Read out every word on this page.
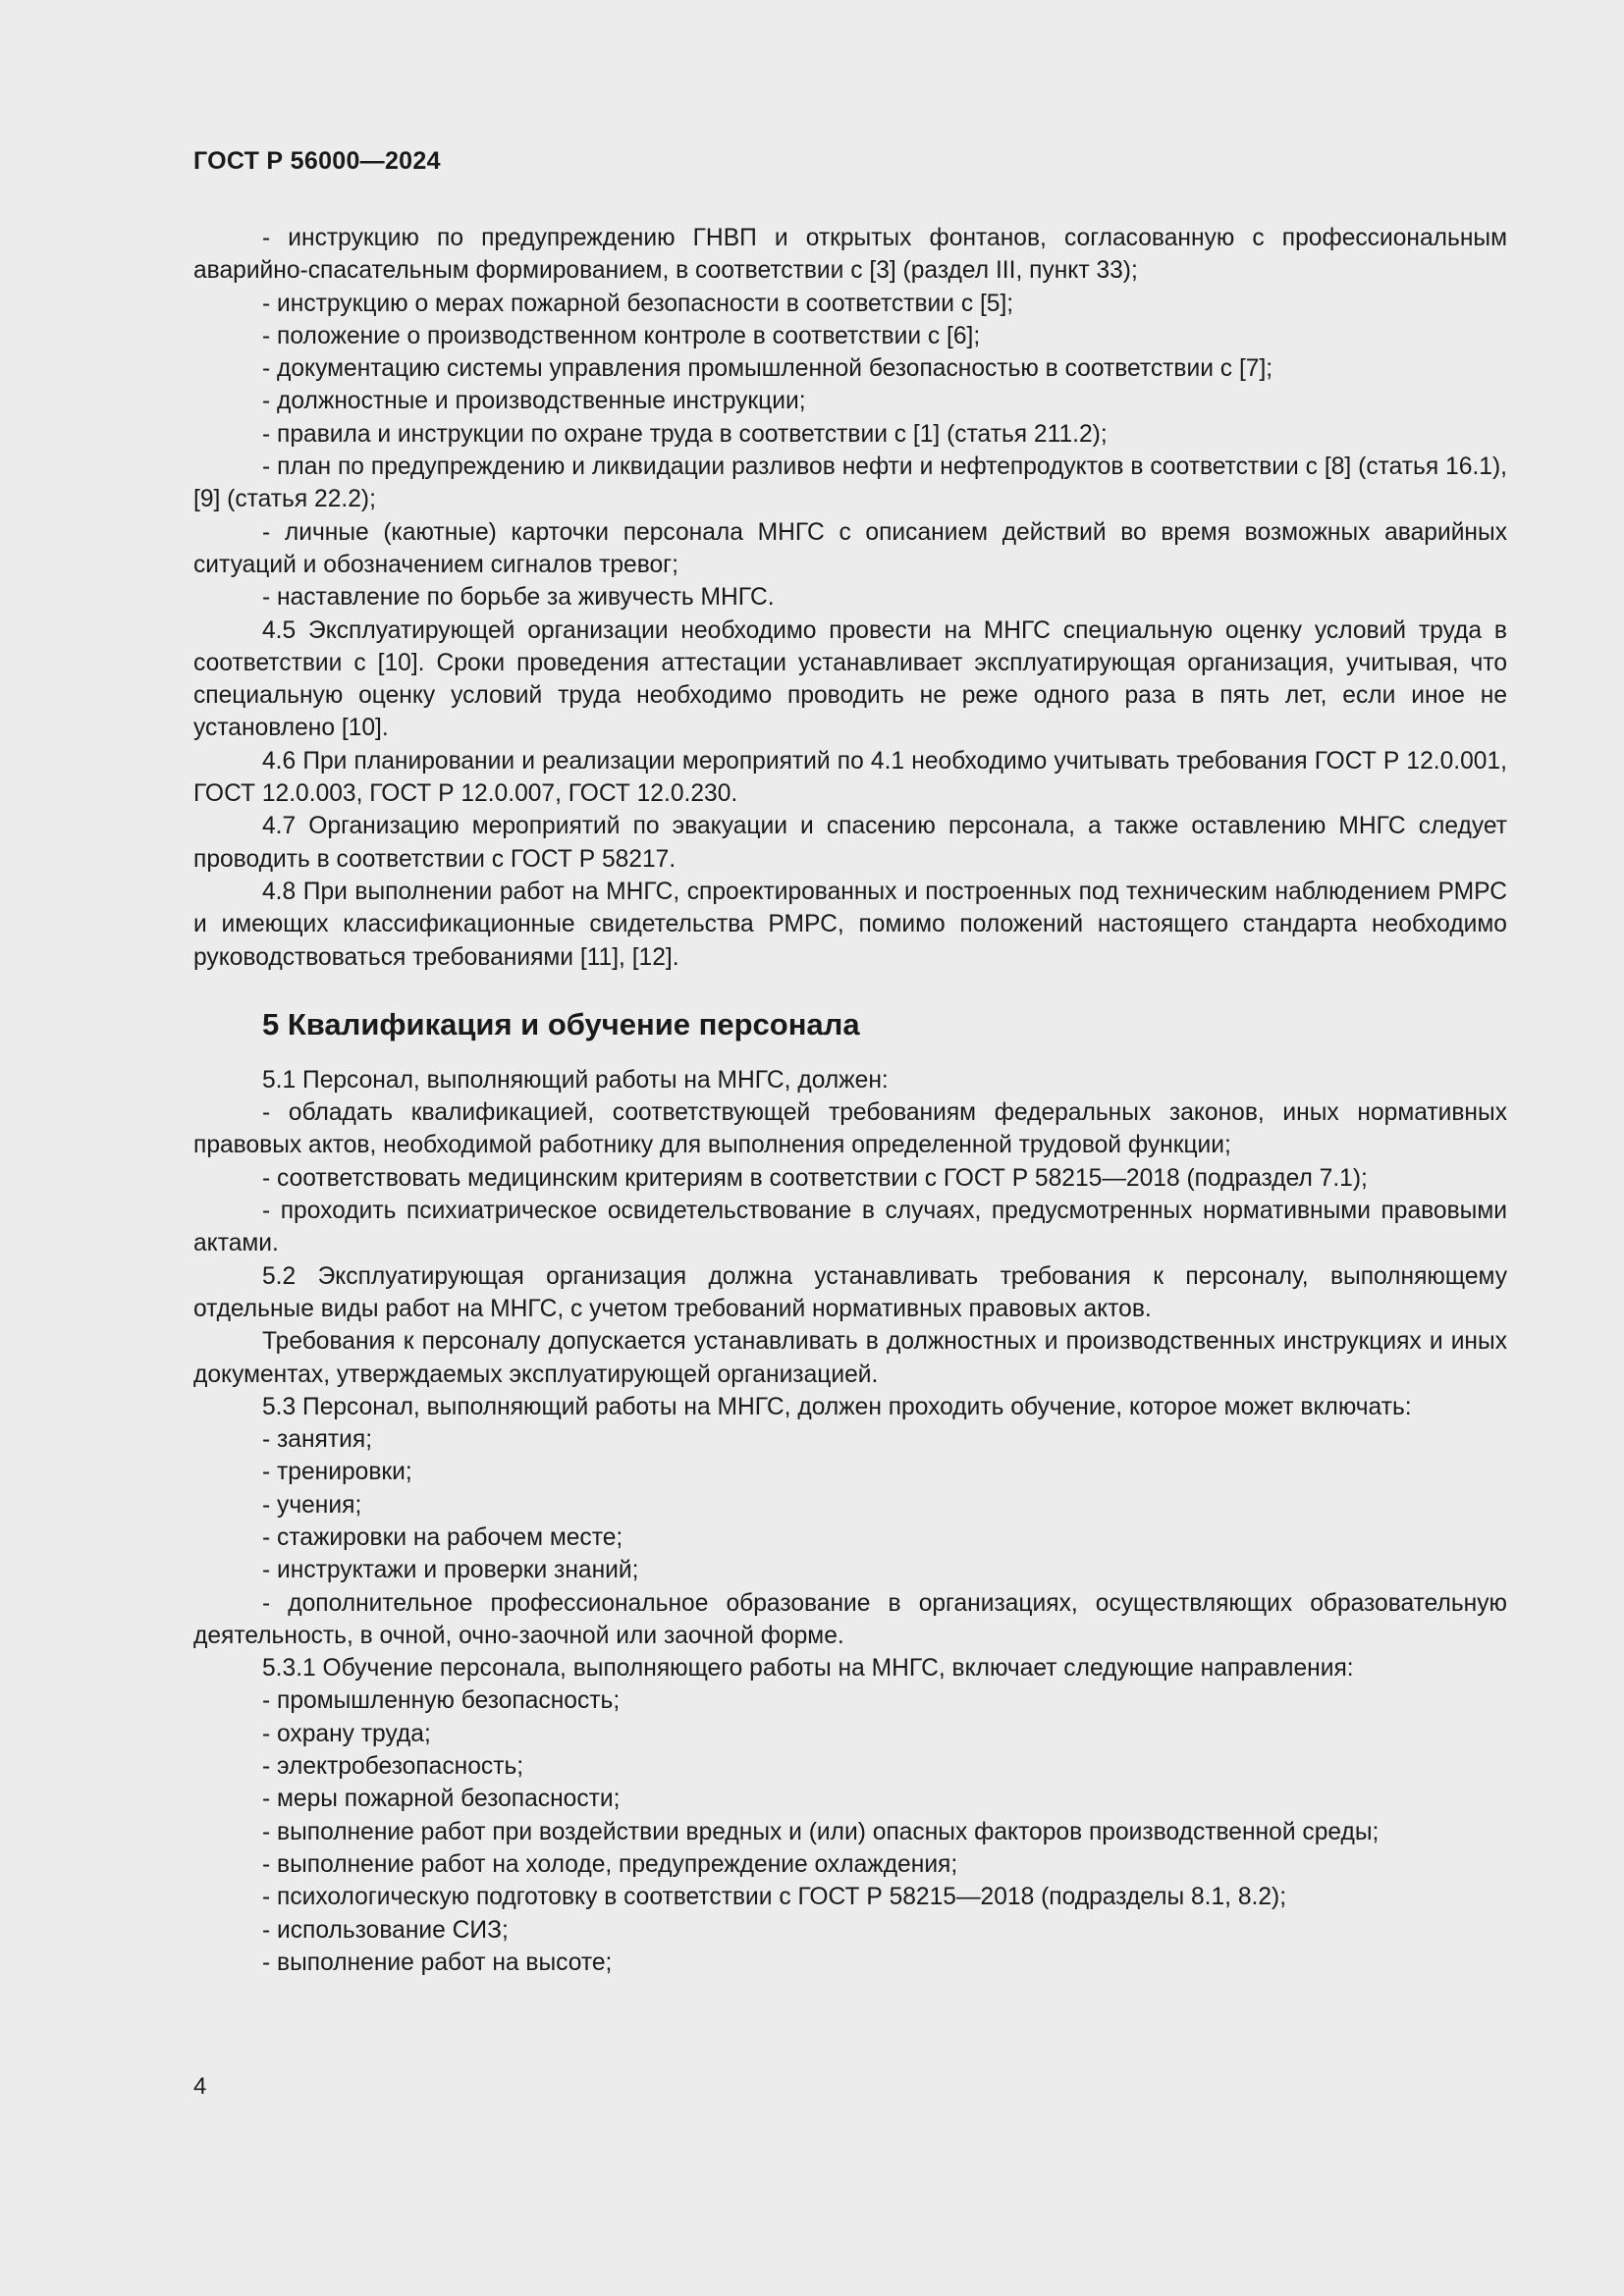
ГОСТ Р 56000—2024

- инструкцию по предупреждению ГНВП и открытых фонтанов, согласованную с профессиональным аварийно-спасательным формированием, в соответствии с [3] (раздел III, пункт 33);

- инструкцию о мерах пожарной безопасности в соответствии с [5];

- положение о производственном контроле в соответствии с [6];

- документацию системы управления промышленной безопасностью в соответствии с [7];

- должностные и производственные инструкции;

- правила и инструкции по охране труда в соответствии с [1] (статья 211.2);

- план по предупреждению и ликвидации разливов нефти и нефтепродуктов в соответствии с [8] (статья 16.1), [9] (статья 22.2);

- личные (каютные) карточки персонала МНГС с описанием действий во время возможных аварийных ситуаций и обозначением сигналов тревог;

- наставление по борьбе за живучесть МНГС.

4.5 Эксплуатирующей организации необходимо провести на МНГС специальную оценку условий труда в соответствии с [10]. Сроки проведения аттестации устанавливает эксплуатирующая организация, учитывая, что специальную оценку условий труда необходимо проводить не реже одного раза в пять лет, если иное не установлено [10].

4.6 При планировании и реализации мероприятий по 4.1 необходимо учитывать требования ГОСТ Р 12.0.001, ГОСТ 12.0.003, ГОСТ Р 12.0.007, ГОСТ 12.0.230.

4.7 Организацию мероприятий по эвакуации и спасению персонала, а также оставлению МНГС следует проводить в соответствии с ГОСТ Р 58217.

4.8 При выполнении работ на МНГС, спроектированных и построенных под техническим наблюдением РМРС и имеющих классификационные свидетельства РМРС, помимо положений настоящего стандарта необходимо руководствоваться требованиями [11], [12].

5 Квалификация и обучение персонала

5.1 Персонал, выполняющий работы на МНГС, должен:

- обладать квалификацией, соответствующей требованиям федеральных законов, иных нормативных правовых актов, необходимой работнику для выполнения определенной трудовой функции;

- соответствовать медицинским критериям в соответствии с ГОСТ Р 58215—2018 (подраздел 7.1);

- проходить психиатрическое освидетельствование в случаях, предусмотренных нормативными правовыми актами.

5.2 Эксплуатирующая организация должна устанавливать требования к персоналу, выполняющему отдельные виды работ на МНГС, с учетом требований нормативных правовых актов.

Требования к персоналу допускается устанавливать в должностных и производственных инструкциях и иных документах, утверждаемых эксплуатирующей организацией.

5.3 Персонал, выполняющий работы на МНГС, должен проходить обучение, которое может включать:

- занятия;

- тренировки;

- учения;

- стажировки на рабочем месте;

- инструктажи и проверки знаний;

- дополнительное профессиональное образование в организациях, осуществляющих образовательную деятельность, в очной, очно-заочной или заочной форме.

5.3.1 Обучение персонала, выполняющего работы на МНГС, включает следующие направления:

- промышленную безопасность;

- охрану труда;

- электробезопасность;

- меры пожарной безопасности;

- выполнение работ при воздействии вредных и (или) опасных факторов производственной среды;

- выполнение работ на холоде, предупреждение охлаждения;

- психологическую подготовку в соответствии с ГОСТ Р 58215—2018 (подразделы 8.1, 8.2);

- использование СИЗ;

- выполнение работ на высоте;

4
